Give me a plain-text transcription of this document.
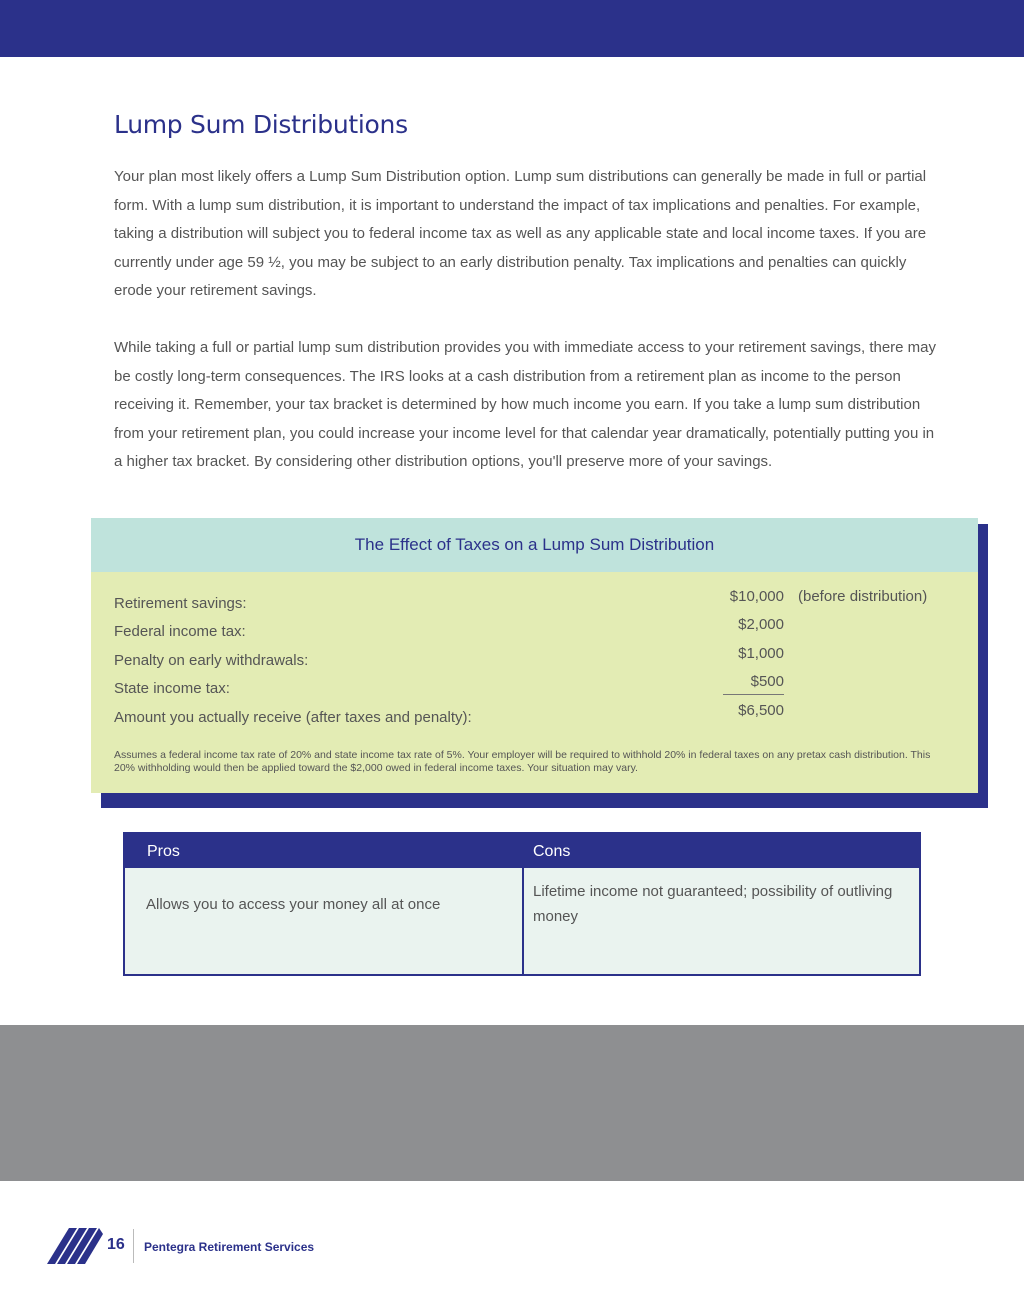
Lump Sum Distributions

Your plan most likely offers a Lump Sum Distribution option. Lump sum distributions can generally be made in full or partial form. With a lump sum distribution, it is important to understand the impact of tax implications and penalties. For example, taking a distribution will subject you to federal income tax as well as any applicable state and local income taxes. If you are currently under age 59 ½, you may be subject to an early distribution penalty. Tax implications and penalties can quickly erode your retirement savings.

While taking a full or partial lump sum distribution provides you with immediate access to your retirement savings, there may be costly long-term consequences. The IRS looks at a cash distribution from a retirement plan as income to the person receiving it. Remember, your tax bracket is determined by how much income you earn. If you take a lump sum distribution from your retirement plan, you could increase your income level for that calendar year dramatically, potentially putting you in a higher tax bracket. By considering other distribution options, you'll preserve more of your savings.

The Effect of Taxes on a Lump Sum Distribution
Retirement savings:
Federal income tax:
Penalty on early withdrawals:
State income tax:
Amount you actually receive (after taxes and penalty):
$10,000 (before distribution)
$2,000
$1,000
$500
$6,500
Assumes a federal income tax rate of 20% and state income tax rate of 5%. Your employer will be required to withhold 20% in federal taxes on any pretax cash distribution. This 20% withholding would then be applied toward the $2,000 owed in federal income taxes. Your situation may vary.
Pros	Cons
Allows you to access your money all at once
Lifetime income not guaranteed; possibility of outliving money
16 Pentegra Retirement Services
